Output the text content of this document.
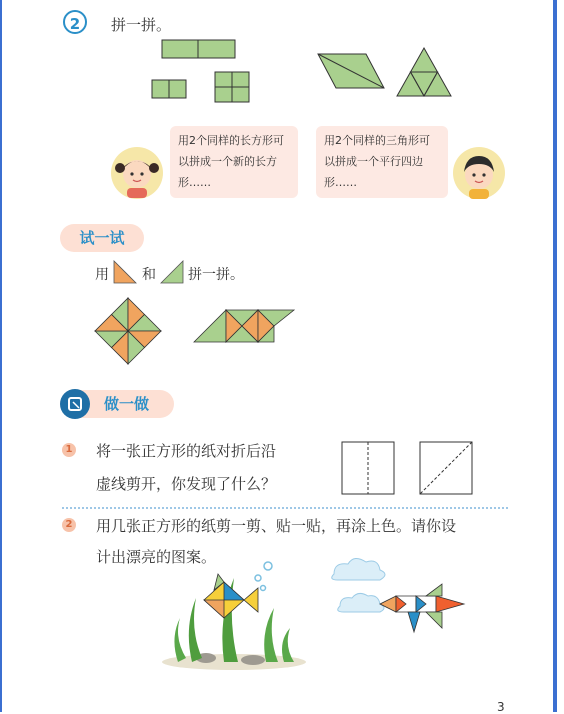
2	拼一拼。
用2个同样的长方形可以拼成一个新的长方形……
用2个同样的三角形可以拼成一个平行四边形……
试一试
用 和 拼一拼。
做一做
1 将一张正方形的纸对折后沿
虚线剪开，你发现了什么？
2 用几张正方形的纸剪一剪、贴一贴，再涂上色。请你设
计出漂亮的图案。
3
